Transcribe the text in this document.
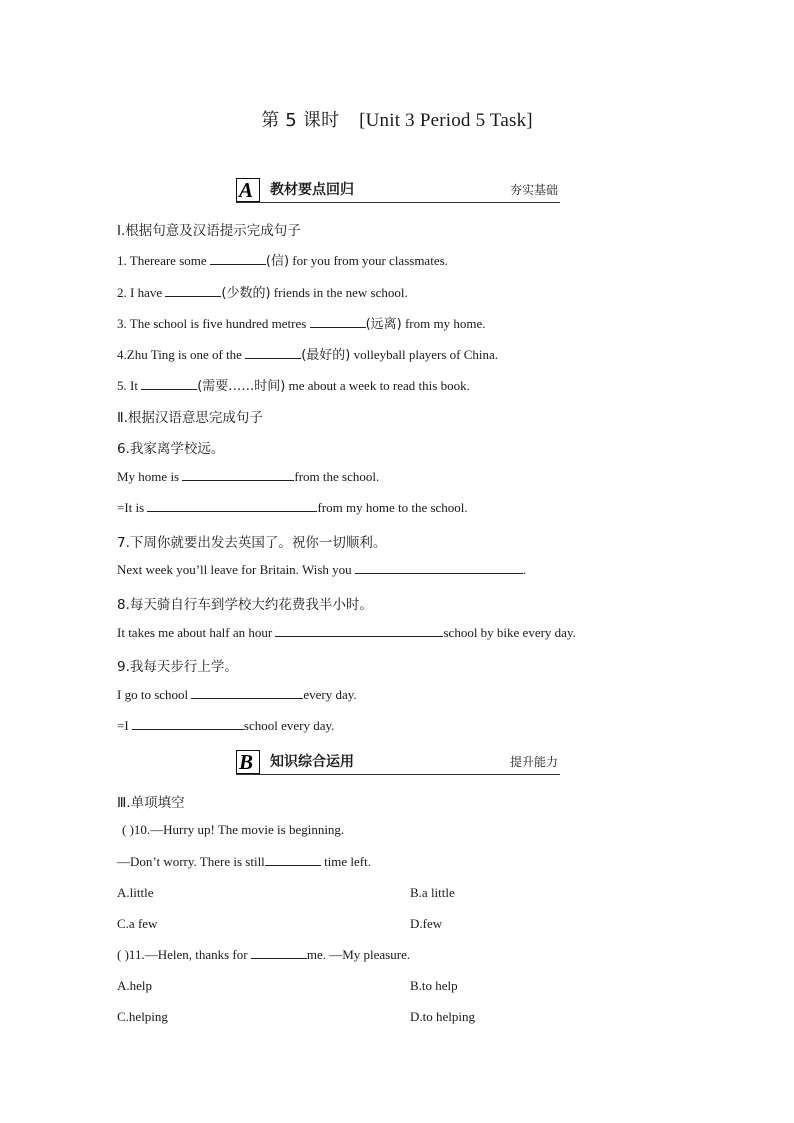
第 5 课时 [Unit 3 Period 5 Task]
A 教材要点回归	夯实基础
Ⅰ.根据句意及汉语提示完成句子
1. Thereare some	(信) for you from your classmates.
2. I have	(少数的) friends in the new school.
3. The school is five hundred metres	(远离) from my home.
4.Zhu Ting is one of the	(最好的) volleyball players of China.
5. It	(需要……时间) me about a week to read this book.
Ⅱ.根据汉语意思完成句子
6.我家离学校远。
My home is	from the school.
=It is	from my home to the school.
7.下周你就要出发去英国了。祝你一切顺利。
Next week you’ll leave for Britain. Wish you	.
8.每天骑自行车到学校大约花费我半小时。
It takes me about half an hour	school by bike every day.
9.我每天步行上学。
I go to school	every day.
=I	school every day.
B 知识综合运用	提升能力
Ⅲ.单项填空
( )10.—Hurry up! The movie is beginning.
—Don’t worry. There is still	time left.
A.little	B.a little
C.a few	D.few
( )11.—Helen, thanks for	me. —My pleasure.
A.help	B.to help
C.helping	D.to helping
